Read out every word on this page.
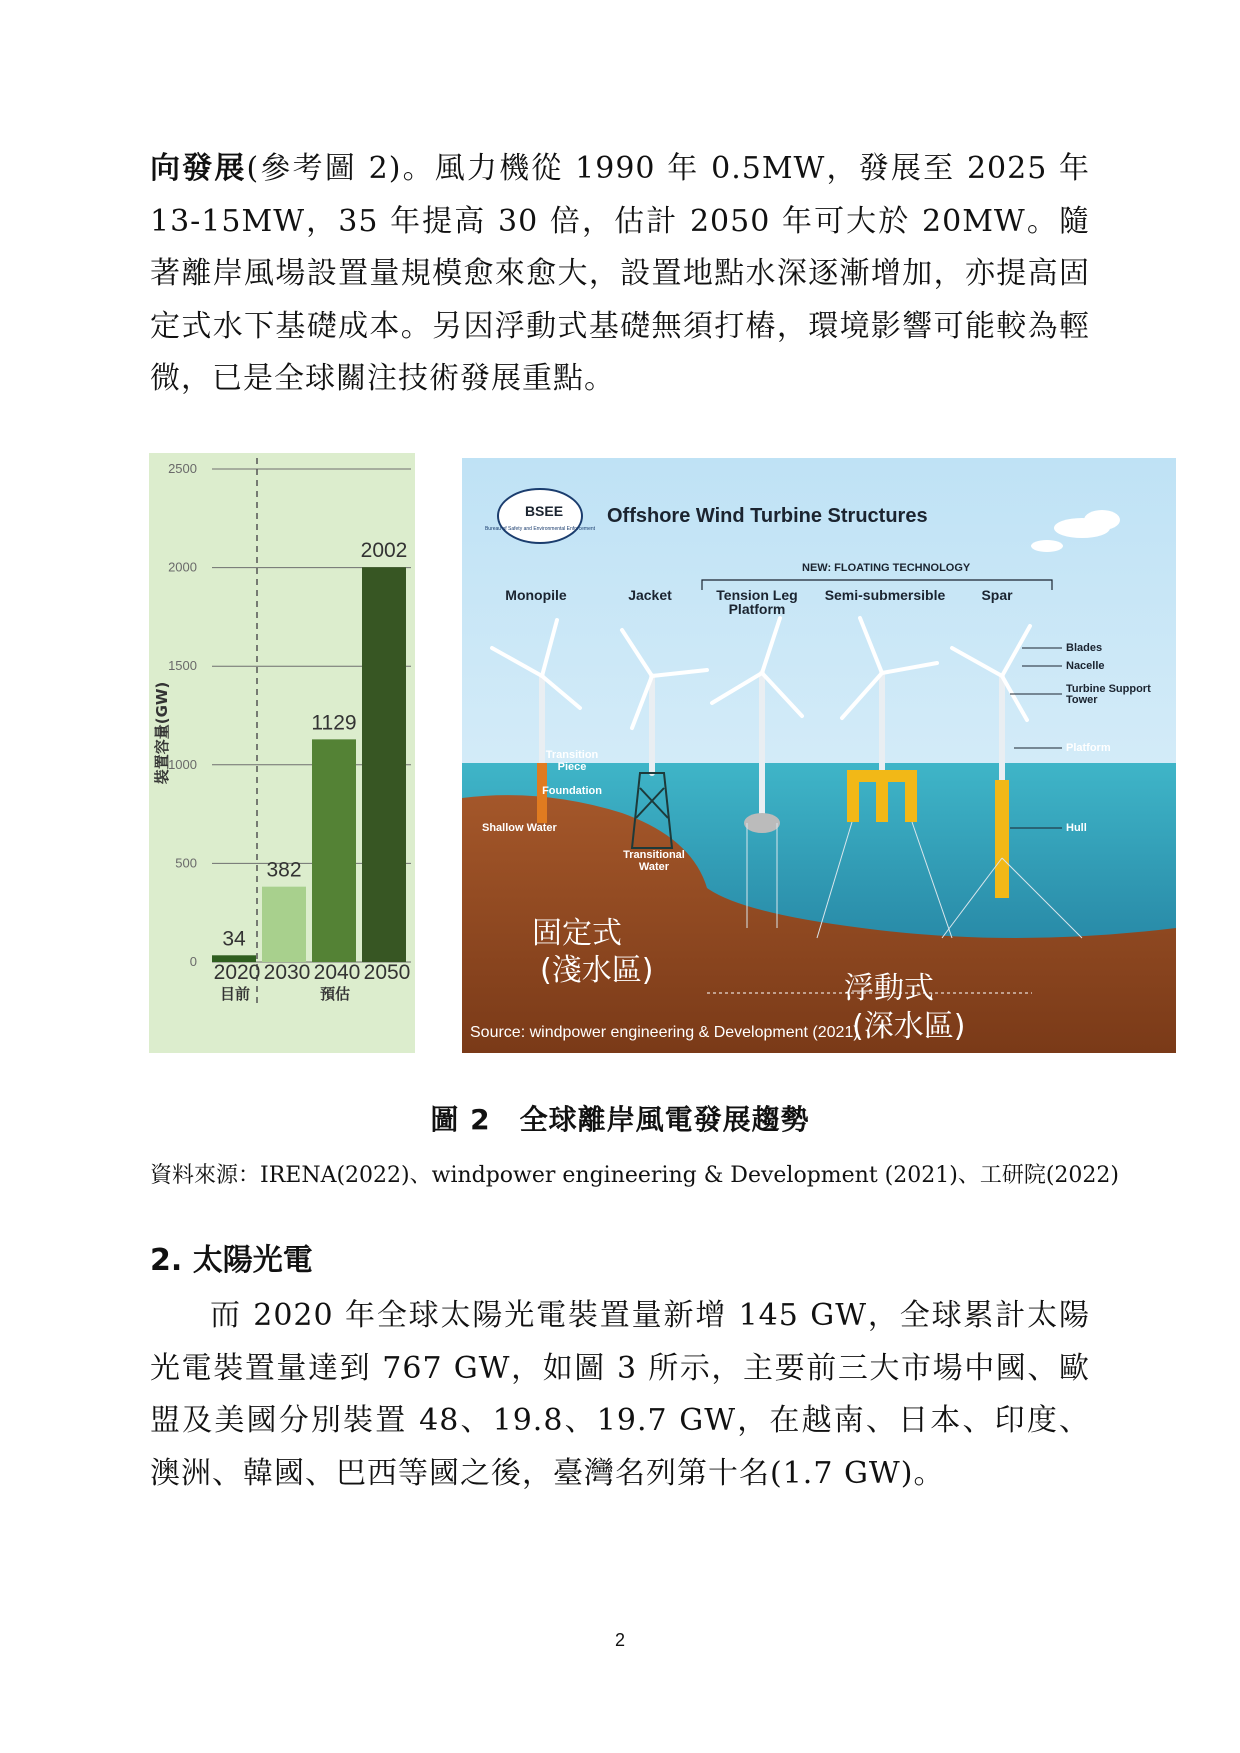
向發展(參考圖 2)。風力機從 1990 年 0.5MW，發展至 2025 年 13-15MW，35 年提高 30 倍，估計 2050 年可大於 20MW。隨著離岸風場設置量規模愈來愈大，設置地點水深逐漸增加，亦提高固定式水下基礎成本。另因浮動式基礎無須打樁，環境影響可能較為輕微，已是全球關注技術發展重點。

0
500
1000
1500
2000
2500
34
2020
382
2030
1129
2040
2002
2050
裝置容量(GW)
目前	預估
BSEE
Bureau of Safety and Environmental Enforcement
Offshore Wind Turbine Structures
NEW: FLOATING TECHNOLOGY
Monopile	Jacket	Tension Leg Platform
Semi-submersible	Spar
Blades
Nacelle
Turbine Support Tower
Platform
Hull
Transition Piece
Foundation
Shallow Water
Transitional Water
固定式
(淺水區)
浮動式
(深水區)
Source: windpower engineering & Development (2021)

圖 2　全球離岸風電發展趨勢

資料來源：IRENA(2022)、windpower engineering & Development (2021)、工研院(2022)

2. 太陽光電

而 2020 年全球太陽光電裝置量新增 145 GW，全球累計太陽光電裝置量達到 767 GW，如圖 3 所示，主要前三大市場中國、歐盟及美國分別裝置 48、19.8、19.7 GW，在越南、日本、印度、澳洲、韓國、巴西等國之後，臺灣名列第十名(1.7 GW)。

2
